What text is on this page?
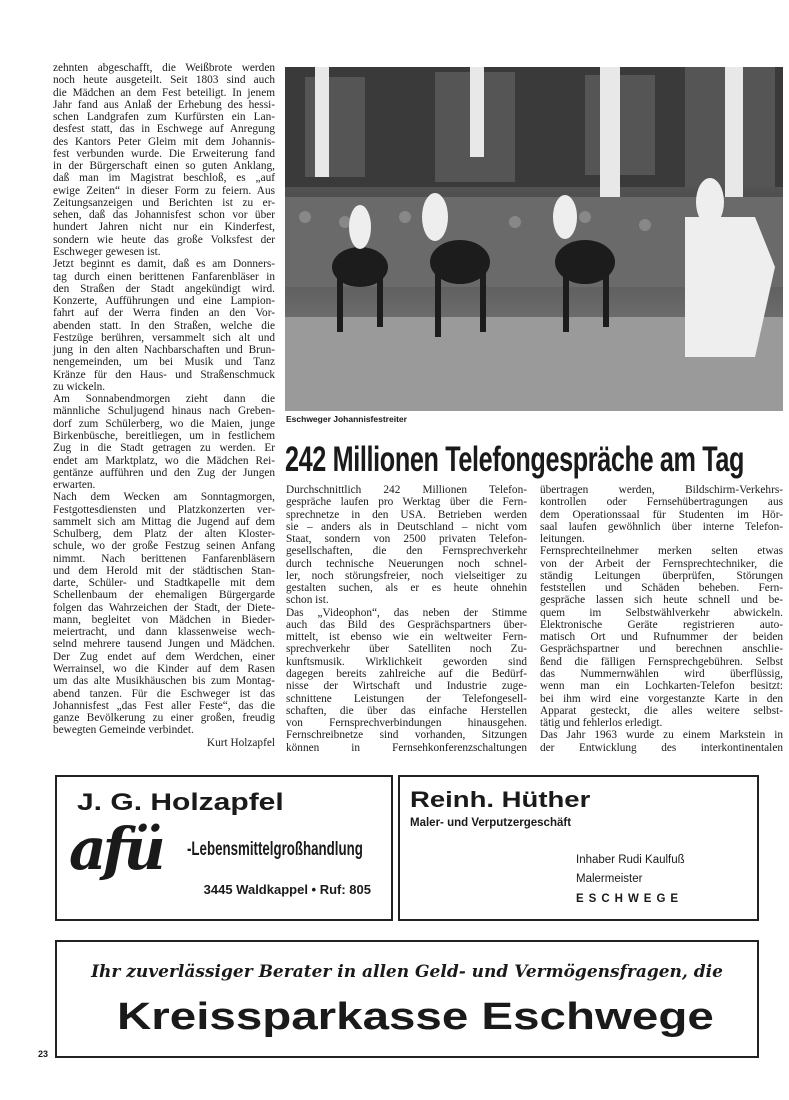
zehnten abgeschafft, die Weißbrote werden
noch heute ausgeteilt. Seit 1803 sind auch
die Mädchen an dem Fest beteiligt. In jenem
Jahr fand aus Anlaß der Erhebung des hessi-
schen Landgrafen zum Kurfürsten ein Lan-
desfest statt, das in Eschwege auf Anregung
des Kantors Peter Gleim mit dem Johannis-
fest verbunden wurde. Die Erweiterung fand
in der Bürgerschaft einen so guten Anklang,
daß man im Magistrat beschloß, es „auf
ewige Zeiten“ in dieser Form zu feiern. Aus
Zeitungsanzeigen und Berichten ist zu er-
sehen, daß das Johannisfest schon vor über
hundert Jahren nicht nur ein Kinderfest,
sondern wie heute das große Volksfest der
Eschweger gewesen ist.
Jetzt beginnt es damit, daß es am Donners-
tag durch einen berittenen Fanfarenbläser in
den Straßen der Stadt angekündigt wird.
Konzerte, Aufführungen und eine Lampion-
fahrt auf der Werra finden an den Vor-
abenden statt. In den Straßen, welche die
Festzüge berühren, versammelt sich alt und
jung in den alten Nachbarschaften und Brun-
nengemeinden, um bei Musik und Tanz
Kränze für den Haus- und Straßenschmuck
zu wickeln.
Am Sonnabendmorgen zieht dann die
männliche Schuljugend hinaus nach Greben-
dorf zum Schülerberg, wo die Maien, junge
Birkenbüsche, bereitliegen, um in festlichem
Zug in die Stadt getragen zu werden. Er
endet am Marktplatz, wo die Mädchen Rei-
gentänze aufführen und den Zug der Jungen
erwarten.
Nach dem Wecken am Sonntagmorgen,
Festgottesdiensten und Platzkonzerten ver-
sammelt sich am Mittag die Jugend auf dem
Schulberg, dem Platz der alten Kloster-
schule, wo der große Festzug seinen Anfang
nimmt. Nach berittenen Fanfarenbläsern
und dem Herold mit der städtischen Stan-
darte, Schüler- und Stadtkapelle mit dem
Schellenbaum der ehemaligen Bürgergarde
folgen das Wahrzeichen der Stadt, der Diete-
mann, begleitet von Mädchen in Bieder-
meiertracht, und dann klassenweise wech-
selnd mehrere tausend Jungen und Mädchen.
Der Zug endet auf dem Werdchen, einer
Werrainsel, wo die Kinder auf dem Rasen
um das alte Musikhäuschen bis zum Montag-
abend tanzen. Für die Eschweger ist das
Johannisfest „das Fest aller Feste“, das die
ganze Bevölkerung zu einer großen, freudig
bewegten Gemeinde verbindet.
Kurt Holzapfel
Eschweger Johannisfestreiter
242 Millionen Telefongespräche am Tag
Durchschnittlich 242 Millionen Telefon-
gespräche laufen pro Werktag über die Fern-
sprechnetze in den USA. Betrieben werden
sie – anders als in Deutschland – nicht vom
Staat, sondern von 2500 privaten Telefon-
gesellschaften, die den Fernsprechverkehr
durch technische Neuerungen noch schnel-
ler, noch störungsfreier, noch vielseitiger zu
gestalten suchen, als er es heute ohnehin
schon ist.
Das „Videophon“, das neben der Stimme
auch das Bild des Gesprächspartners über-
mittelt, ist ebenso wie ein weltweiter Fern-
sprechverkehr über Satelliten noch Zu-
kunftsmusik. Wirklichkeit geworden sind
dagegen bereits zahlreiche auf die Bedürf-
nisse der Wirtschaft und Industrie zuge-
schnittene Leistungen der Telefongesell-
schaften, die über das einfache Herstellen
von Fernsprechverbindungen hinausgehen.
Fernschreibnetze sind vorhanden, Sitzungen
können in Fernsehkonferenzschaltungen
übertragen werden, Bildschirm-Verkehrs-
kontrollen oder Fernsehübertragungen aus
dem Operationssaal für Studenten im Hör-
saal laufen gewöhnlich über interne Telefon-
leitungen.
Fernsprechteilnehmer merken selten etwas
von der Arbeit der Fernsprechtechniker, die
ständig Leitungen überprüfen, Störungen
feststellen und Schäden beheben. Fern-
gespräche lassen sich heute schnell und be-
quem im Selbstwählverkehr abwickeln.
Elektronische Geräte registrieren auto-
matisch Ort und Rufnummer der beiden
Gesprächspartner und berechnen anschlie-
ßend die fälligen Fernsprechgebühren. Selbst
das Nummernwählen wird überflüssig,
wenn man ein Lochkarten-Telefon besitzt:
bei ihm wird eine vorgestanzte Karte in den
Apparat gesteckt, die alles weitere selbst-
tätig und fehlerlos erledigt.
Das Jahr 1963 wurde zu einem Markstein in
der Entwicklung des interkontinentalen
J. G. Holzapfel
afü -Lebensmittelgroßhandlung
3445 Waldkappel • Ruf: 805
Reinh. Hüther
Maler- und Verputzergeschäft
Inhaber Rudi Kaulfuß
Malermeister
ESCHWEGE
Ihr zuverlässiger Berater in allen Geld- und Vermögensfragen, die
Kreissparkasse Eschwege
23
